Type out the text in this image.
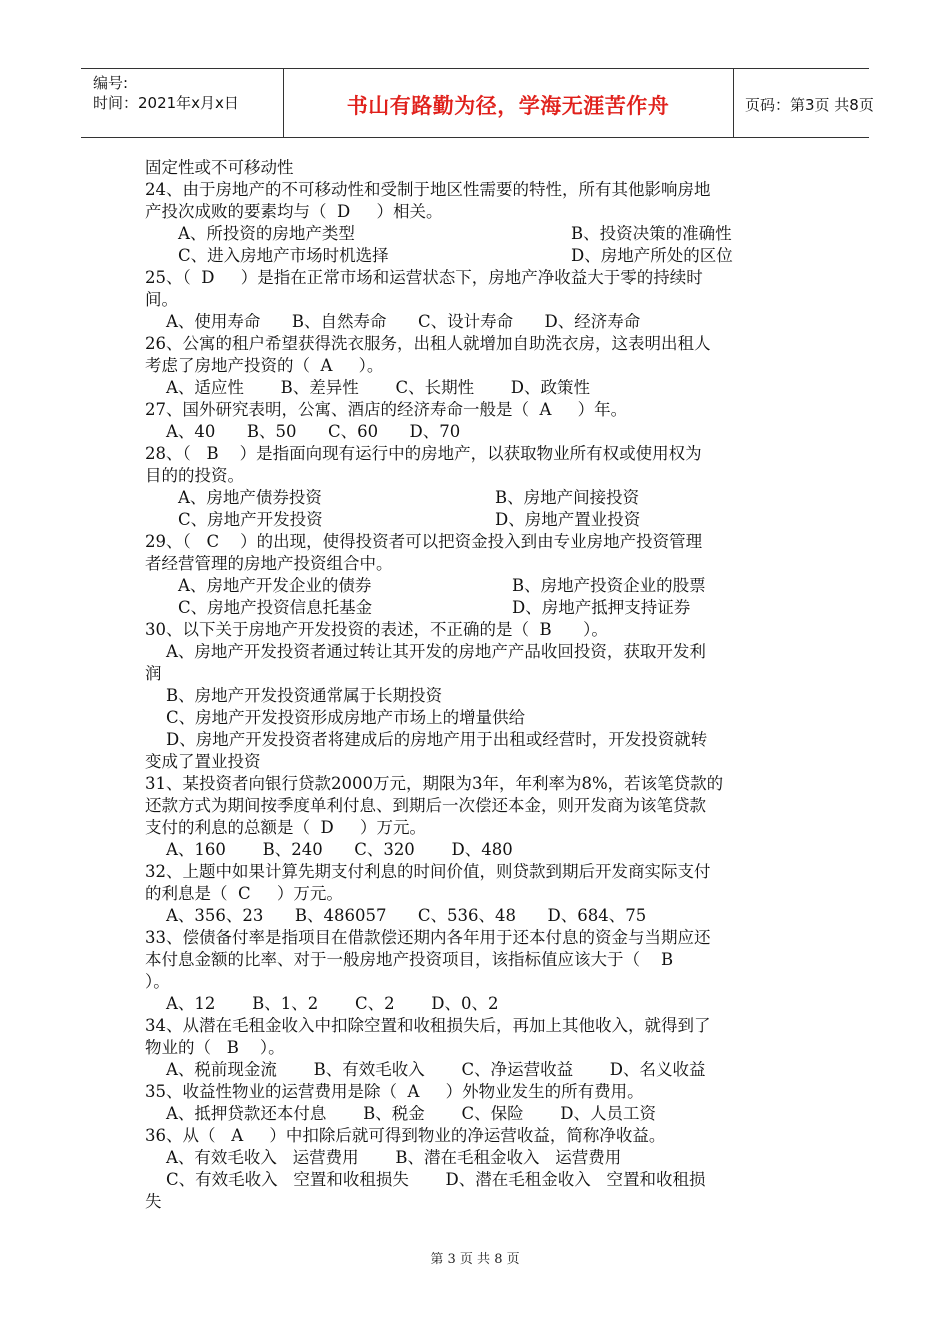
编号:
时间：2021年x月x日	书山有路勤为径，学海无涯苦作舟	页码：第3页 共8页
固定性或不可移动性
24、由于房地产的不可移动性和受制于地区性需要的特性，所有其他影响房地
产投次成败的要素均与（  D     ）相关。
A、所投资的房地产类型	B、投资决策的准确性
C、进入房地产市场时机选择	D、房地产所处的区位
25、（  D     ）是指在正常市场和运营状态下，房地产净收益大于零的持续时
间。
A、使用寿命      B、自然寿命      C、设计寿命      D、经济寿命
26、公寓的租户希望获得洗衣服务，出租人就增加自助洗衣房，这表明出租人
考虑了房地产投资的（  A     ）。
A、适应性       B、差异性       C、长期性       D、政策性
27、国外研究表明，公寓、酒店的经济寿命一般是（  A     ）年。
A、40      B、50      C、60      D、70
28、（   B    ）是指面向现有运行中的房地产，以获取物业所有权或使用权为
目的的投资。
A、房地产债券投资	B、房地产间接投资
C、房地产开发投资	D、房地产置业投资
29、（   C    ）的出现，使得投资者可以把资金投入到由专业房地产投资管理
者经营管理的房地产投资组合中。
A、房地产开发企业的债券	B、房地产投资企业的股票
C、房地产投资信息托基金	D、房地产抵押支持证券
30、以下关于房地产开发投资的表述，不正确的是（  B      ）。
A、房地产开发投资者通过转让其开发的房地产产品收回投资，获取开发利
润
B、房地产开发投资通常属于长期投资
C、房地产开发投资形成房地产市场上的增量供给
D、房地产开发投资者将建成后的房地产用于出租或经营时，开发投资就转
变成了置业投资
31、某投资者向银行贷款2000万元，期限为3年，年利率为8%，若该笔贷款的
还款方式为期间按季度单利付息、到期后一次偿还本金，则开发商为该笔贷款
支付的利息的总额是（  D     ）万元。
A、160       B、240      C、320       D、480
32、上题中如果计算先期支付利息的时间价值，则贷款到期后开发商实际支付
的利息是（  C     ）万元。
A、356、23      B、486057      C、536、48      D、684、75
33、偿债备付率是指项目在借款偿还期内各年用于还本付息的资金与当期应还
本付息金额的比率、对于一般房地产投资项目，该指标值应该大于（    B
）。
A、12       B、1、2       C、2       D、0、2
34、从潜在毛租金收入中扣除空置和收租损失后，再加上其他收入，就得到了
物业的（   B    ）。
A、税前现金流       B、有效毛收入       C、净运营收益       D、名义收益
35、收益性物业的运营费用是除（  A     ）外物业发生的所有费用。
A、抵押贷款还本付息       B、税金       C、保险       D、人员工资
36、从（   A     ）中扣除后就可得到物业的净运营收益，简称净收益。
A、有效毛收入   运营费用       B、潜在毛租金收入   运营费用
C、有效毛收入   空置和收租损失       D、潜在毛租金收入   空置和收租损
失
第 3 页 共 8 页
